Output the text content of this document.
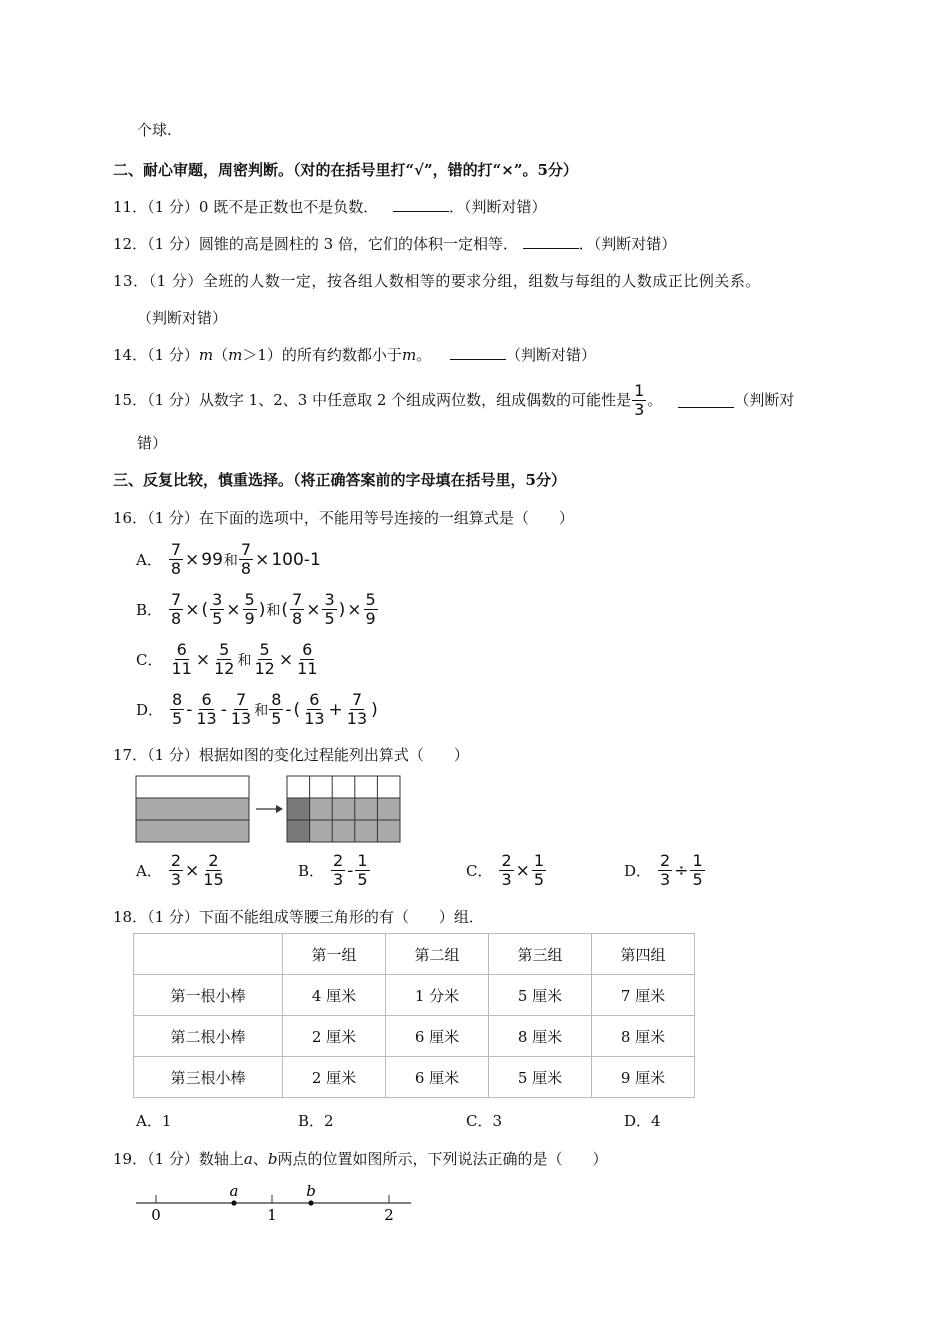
个球.
二、耐心审题，周密判断。（对的在括号里打“√”，错的打“×”。5分）
11．（1 分）0 既不是正数也不是负数．	．（判断对错）
12．（1 分）圆锥的高是圆柱的 3 倍，它们的体积一定相等．	．（判断对错）
13．（1 分）全班的人数一定，按各组人数相等的要求分组，组数与每组的人数成正比例关系。
（判断对错）
14．（1 分）m（m＞1）的所有约数都小于m。	（判断对错）
15．（1 分）从数字 1、2、3 中任意取 2 个组成两位数，组成偶数的可能性是 $\frac{1}{3}$ 。	（判断对
错）
三、反复比较，慎重选择。（将正确答案前的字母填在括号里，5分）
16．（1 分）在下面的选项中，不能用等号连接的一组算式是（　　）
A． $\frac{7}{8} \times 99$ 和 $\frac{7}{8} \times 100-1$
B． $\frac{7}{8}$ × ( $\frac{3}{5} \times \frac{5}{9}$ ) 和 ( $\frac{7}{8} \times \frac{3}{5}$ ) × $\frac{5}{9}$
C． $\frac{6}{11} \times \frac{5}{12}$ 和 $\frac{5}{12} \times \frac{6}{11}$
D． $\frac{8}{5} - \frac{6}{13} - \frac{7}{13}$ 和 $\frac{8}{5}$ - ( $\frac{6}{13} + \frac{7}{13}$ )
17．（1 分）根据如图的变化过程能列出算式（　　）
A． $\frac{2}{3} \times \frac{2}{15}$	B． $\frac{2}{3} - \frac{1}{5}$	C． $\frac{2}{3} \times \frac{1}{5}$	D． $\frac{2}{3} \div \frac{1}{5}$
18．（1 分）下面不能组成等腰三角形的有（　　）组．
	第一组	第二组	第三组	第四组
第一根小棒	4 厘米	1 分米	5 厘米	7 厘米
第二根小棒	2 厘米	6 厘米	8 厘米	8 厘米
第三根小棒	2 厘米	6 厘米	5 厘米	9 厘米
A．1	B．2	C．3	D．4
19．（1 分）数轴上a、b两点的位置如图所示，下列说法正确的是（　　）
a	b
0	1	2
